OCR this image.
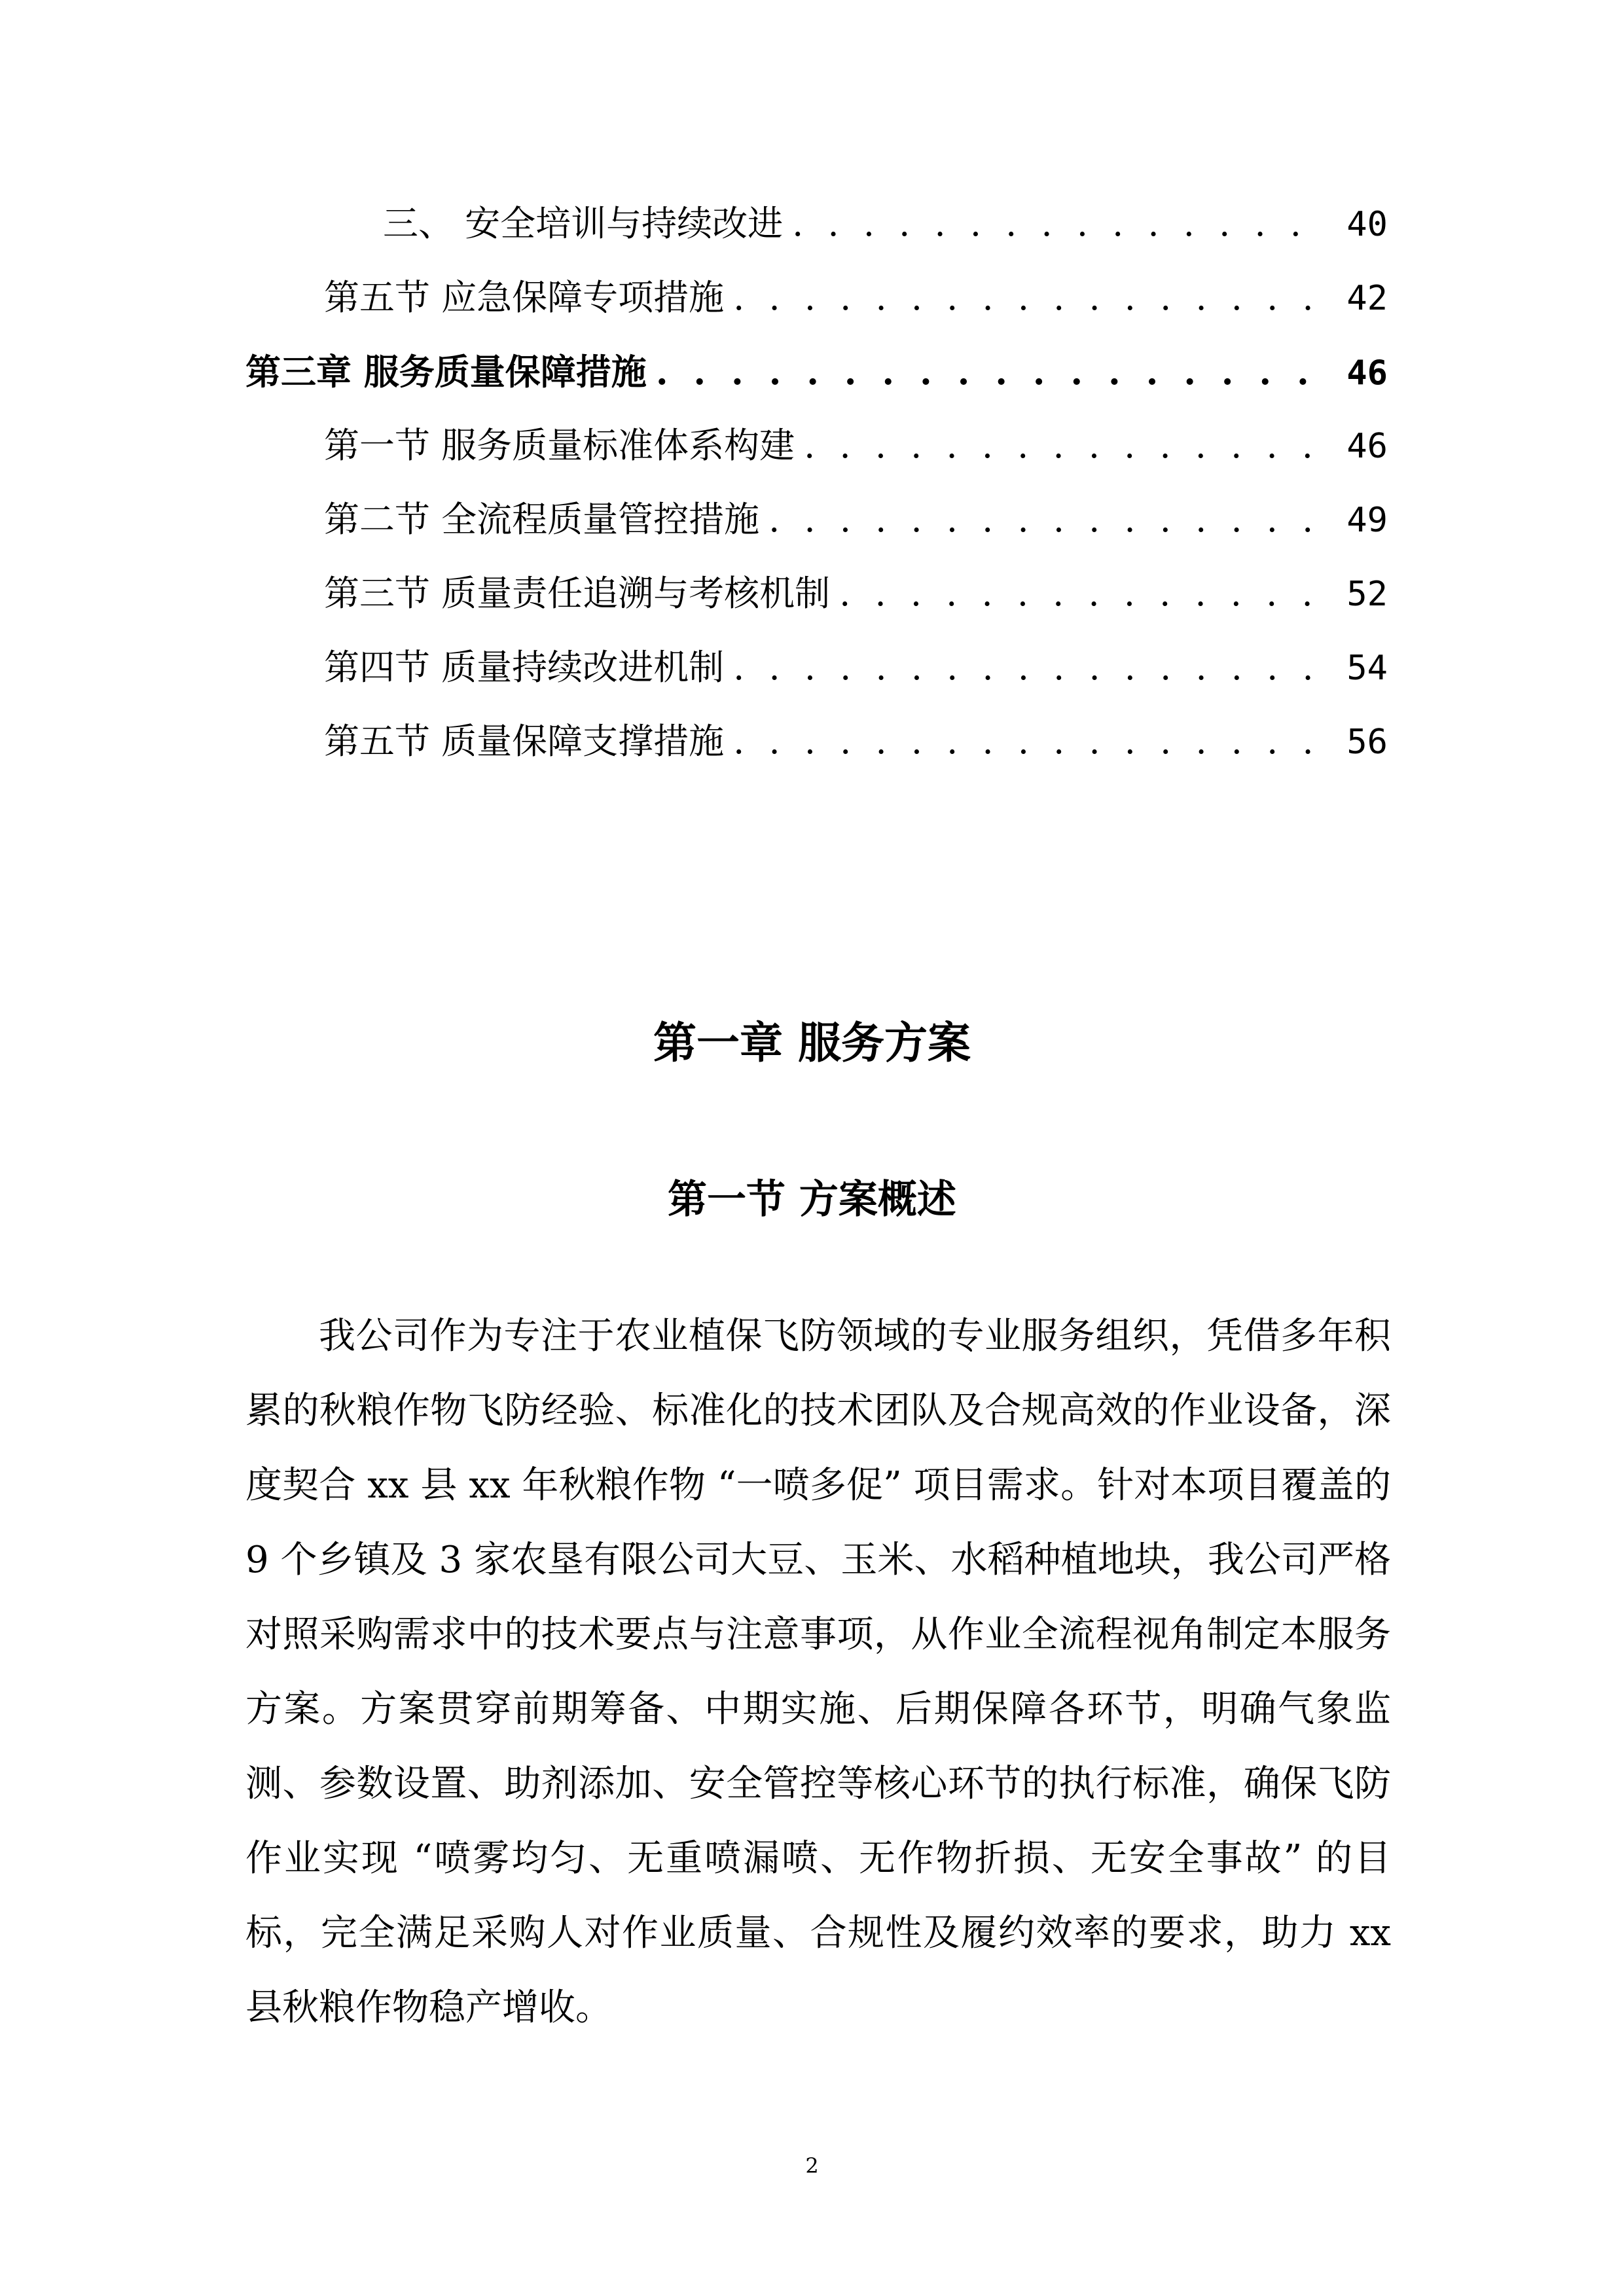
三、 安全培训与持续改进 . . .	40
第五节 应急保障专项措施 . . .	42
第三章 服务质量保障措施 . . .	46
第一节 服务质量标准体系构建 . . .	46
第二节 全流程质量管控措施 . . .	49
第三节 质量责任追溯与考核机制 . . .	52
第四节 质量持续改进机制 . . .	54
第五节 质量保障支撑措施 . . .	56
第一章 服务方案
第一节 方案概述

我公司作为专注于农业植保飞防领域的专业服务组织，凭借多年积累的秋粮作物飞防经验、标准化的技术团队及合规高效的作业设备，深度契合 xx 县 xx 年秋粮作物 “一喷多促” 项目需求。针对本项目覆盖的 9 个乡镇及 3 家农垦有限公司大豆、玉米、水稻种植地块，我公司严格对照采购需求中的技术要点与注意事项，从作业全流程视角制定本服务方案。方案贯穿前期筹备、中期实施、后期保障各环节，明确气象监测、参数设置、助剂添加、安全管控等核心环节的执行标准，确保飞防作业实现 “喷雾均匀、无重喷漏喷、无作物折损、无安全事故” 的目标，完全满足采购人对作业质量、合规性及履约效率的要求，助力 xx 县秋粮作物稳产增收。

2
